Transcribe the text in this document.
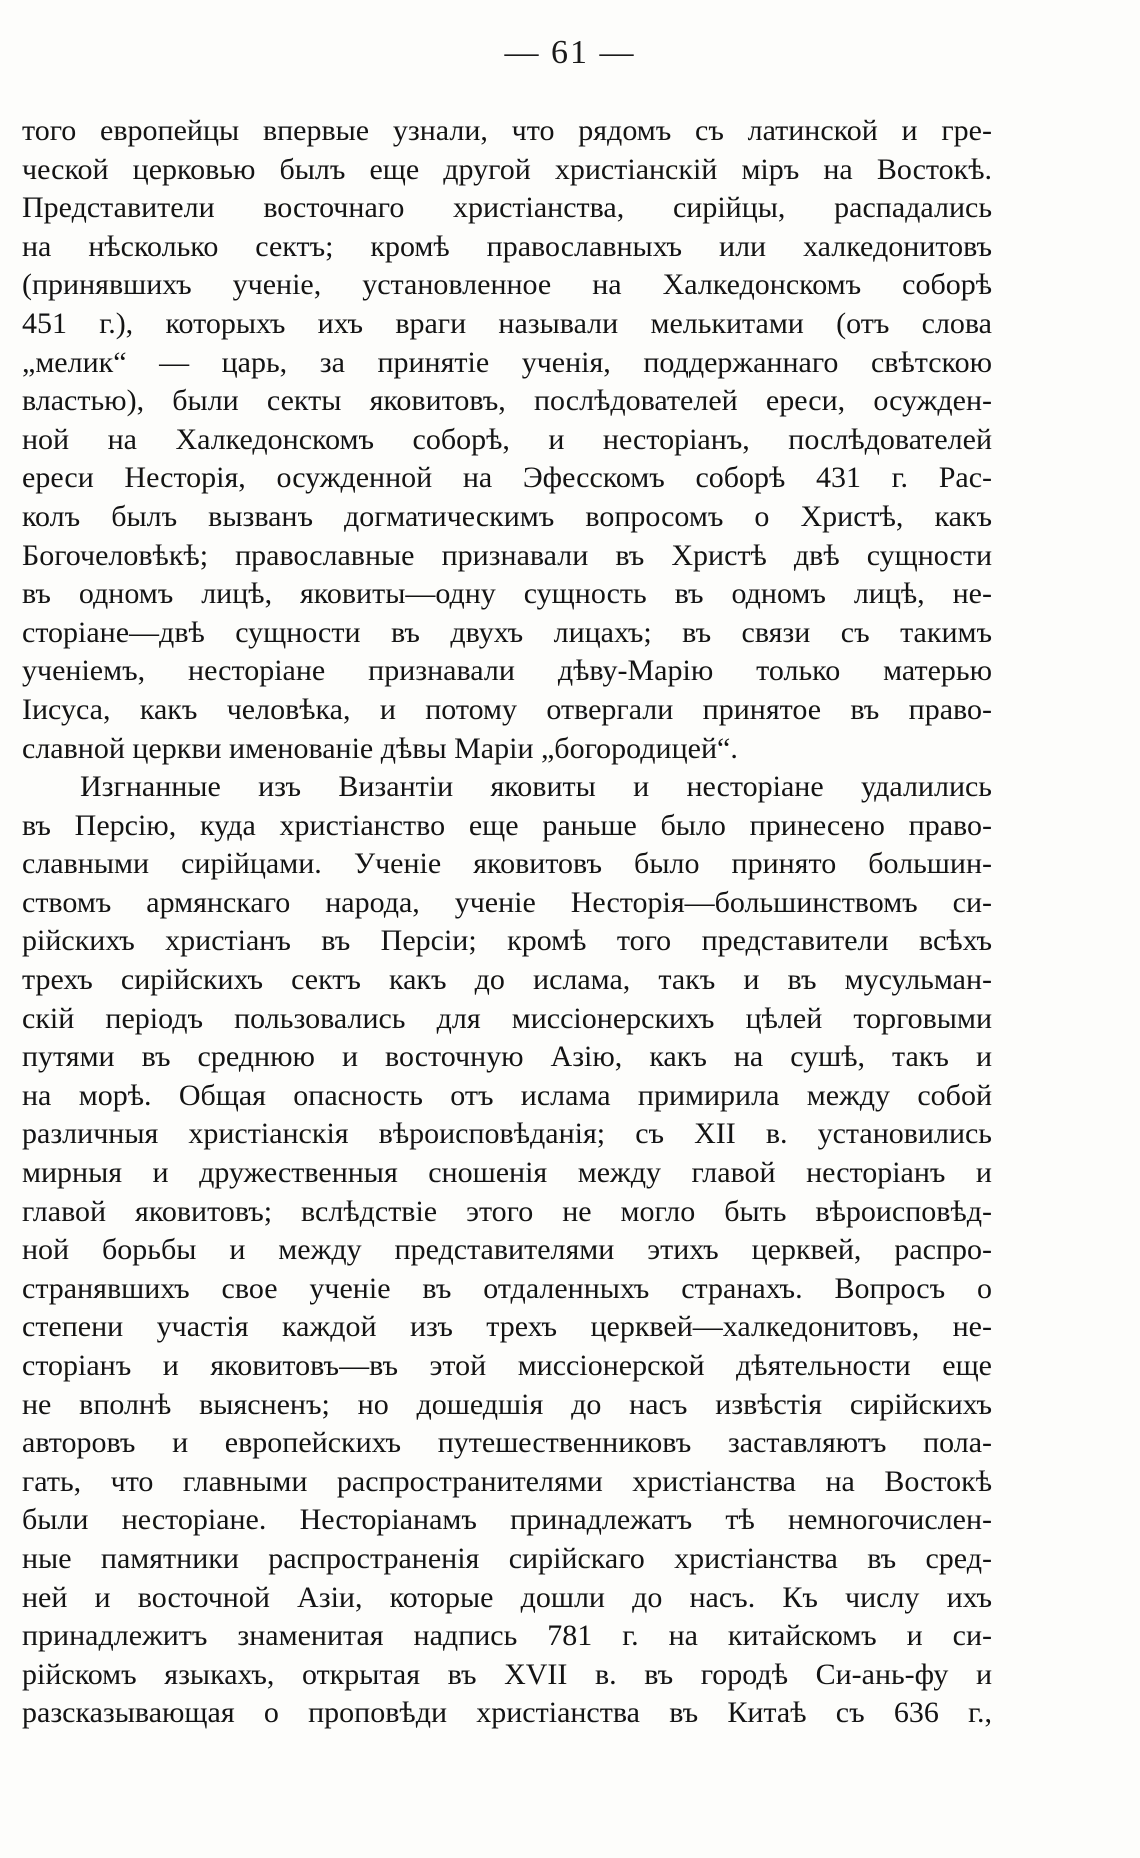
— 61 —
того европейцы впервые узнали, что рядомъ съ латинской и гре-
ческой церковью былъ еще другой христіанскій міръ на Востокѣ.
Представители восточнаго христіанства, сирійцы, распадались
на нѣсколько сектъ; кромѣ православныхъ или халкедонитовъ
(принявшихъ ученіе, установленное на Халкедонскомъ соборѣ
451 г.), которыхъ ихъ враги называли мелькитами (отъ слова
„мелик“ — царь, за принятіе ученія, поддержаннаго свѣтскою
властью), были секты яковитовъ, послѣдователей ереси, осужден-
ной на Халкедонскомъ соборѣ, и несторіанъ, послѣдователей
ереси Несторія, осужденной на Эфесскомъ соборѣ 431 г. Рас-
колъ былъ вызванъ догматическимъ вопросомъ о Христѣ, какъ
Богочеловѣкѣ; православные признавали въ Христѣ двѣ сущности
въ одномъ лицѣ, яковиты—одну сущность въ одномъ лицѣ, не-
сторіане—двѣ сущности въ двухъ лицахъ; въ связи съ такимъ
ученіемъ, несторіане признавали дѣву-Марію только матерью
Іисуса, какъ человѣка, и потому отвергали принятое въ право-
славной церкви именованіе дѣвы Маріи „богородицей“.
Изгнанные изъ Византіи яковиты и несторіане удалились
въ Персію, куда христіанство еще раньше было принесено право-
славными сирійцами. Ученіе яковитовъ было принято большин-
ствомъ армянскаго народа, ученіе Несторія—большинствомъ си-
рійскихъ христіанъ въ Персіи; кромѣ того представители всѣхъ
трехъ сирійскихъ сектъ какъ до ислама, такъ и въ мусульман-
скій періодъ пользовались для миссіонерскихъ цѣлей торговыми
путями въ среднюю и восточную Азію, какъ на сушѣ, такъ и
на морѣ. Общая опасность отъ ислама примирила между собой
различныя христіанскія вѣроисповѣданія; съ XII в. установились
мирныя и дружественныя сношенія между главой несторіанъ и
главой яковитовъ; вслѣдствіе этого не могло быть вѣроисповѣд-
ной борьбы и между представителями этихъ церквей, распро-
странявшихъ свое ученіе въ отдаленныхъ странахъ. Вопросъ о
степени участія каждой изъ трехъ церквей—халкедонитовъ, не-
сторіанъ и яковитовъ—въ этой миссіонерской дѣятельности еще
не вполнѣ выясненъ; но дошедшія до насъ извѣстія сирійскихъ
авторовъ и европейскихъ путешественниковъ заставляютъ пола-
гать, что главными распространителями христіанства на Востокѣ
были несторіане. Несторіанамъ принадлежатъ тѣ немногочислен-
ные памятники распространенія сирійскаго христіанства въ сред-
ней и восточной Азіи, которые дошли до насъ. Къ числу ихъ
принадлежитъ знаменитая надпись 781 г. на китайскомъ и си-
рійскомъ языкахъ, открытая въ XVII в. въ городѣ Си-ань-фу и
разсказывающая о проповѣди христіанства въ Китаѣ съ 636 г.,
